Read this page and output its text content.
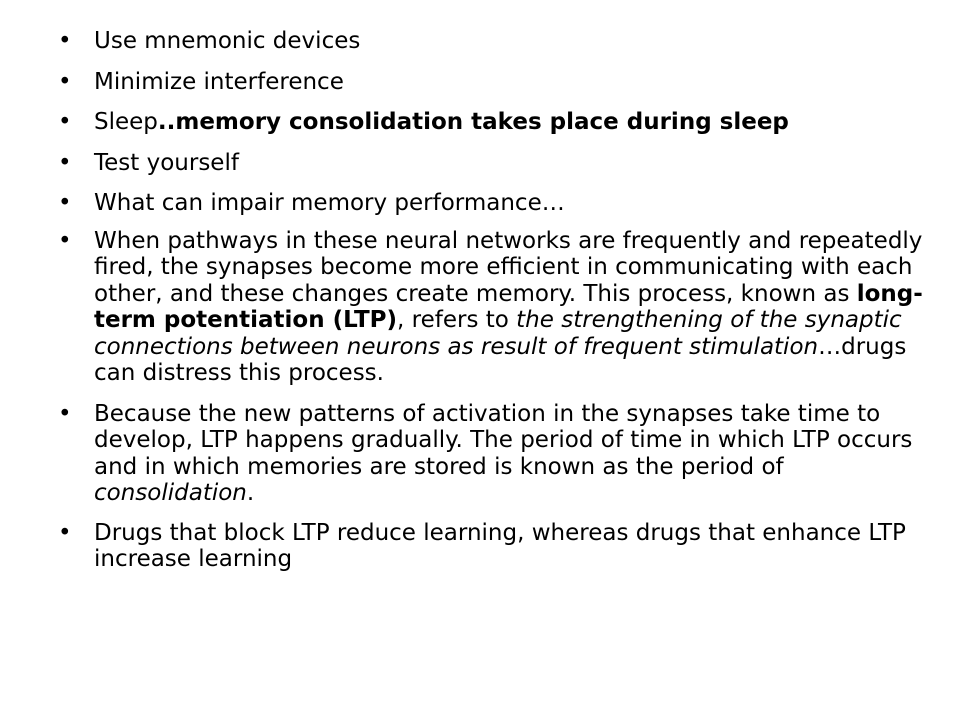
• Use mnemonic devices
• Minimize interference
• Sleep..memory consolidation takes place during sleep
• Test yourself
• What can impair memory performance…
• When pathways in these neural networks are frequently and repeatedly fired, the synapses become more efficient in communicating with each other, and these changes create memory. This process, known as long-term potentiation (LTP), refers to the strengthening of the synaptic connections between neurons as result of frequent stimulation…drugs can distress this process.
• Because the new patterns of activation in the synapses take time to develop, LTP happens gradually. The period of time in which LTP occurs and in which memories are stored is known as the period of consolidation.
• Drugs that block LTP reduce learning, whereas drugs that enhance LTP increase learning
